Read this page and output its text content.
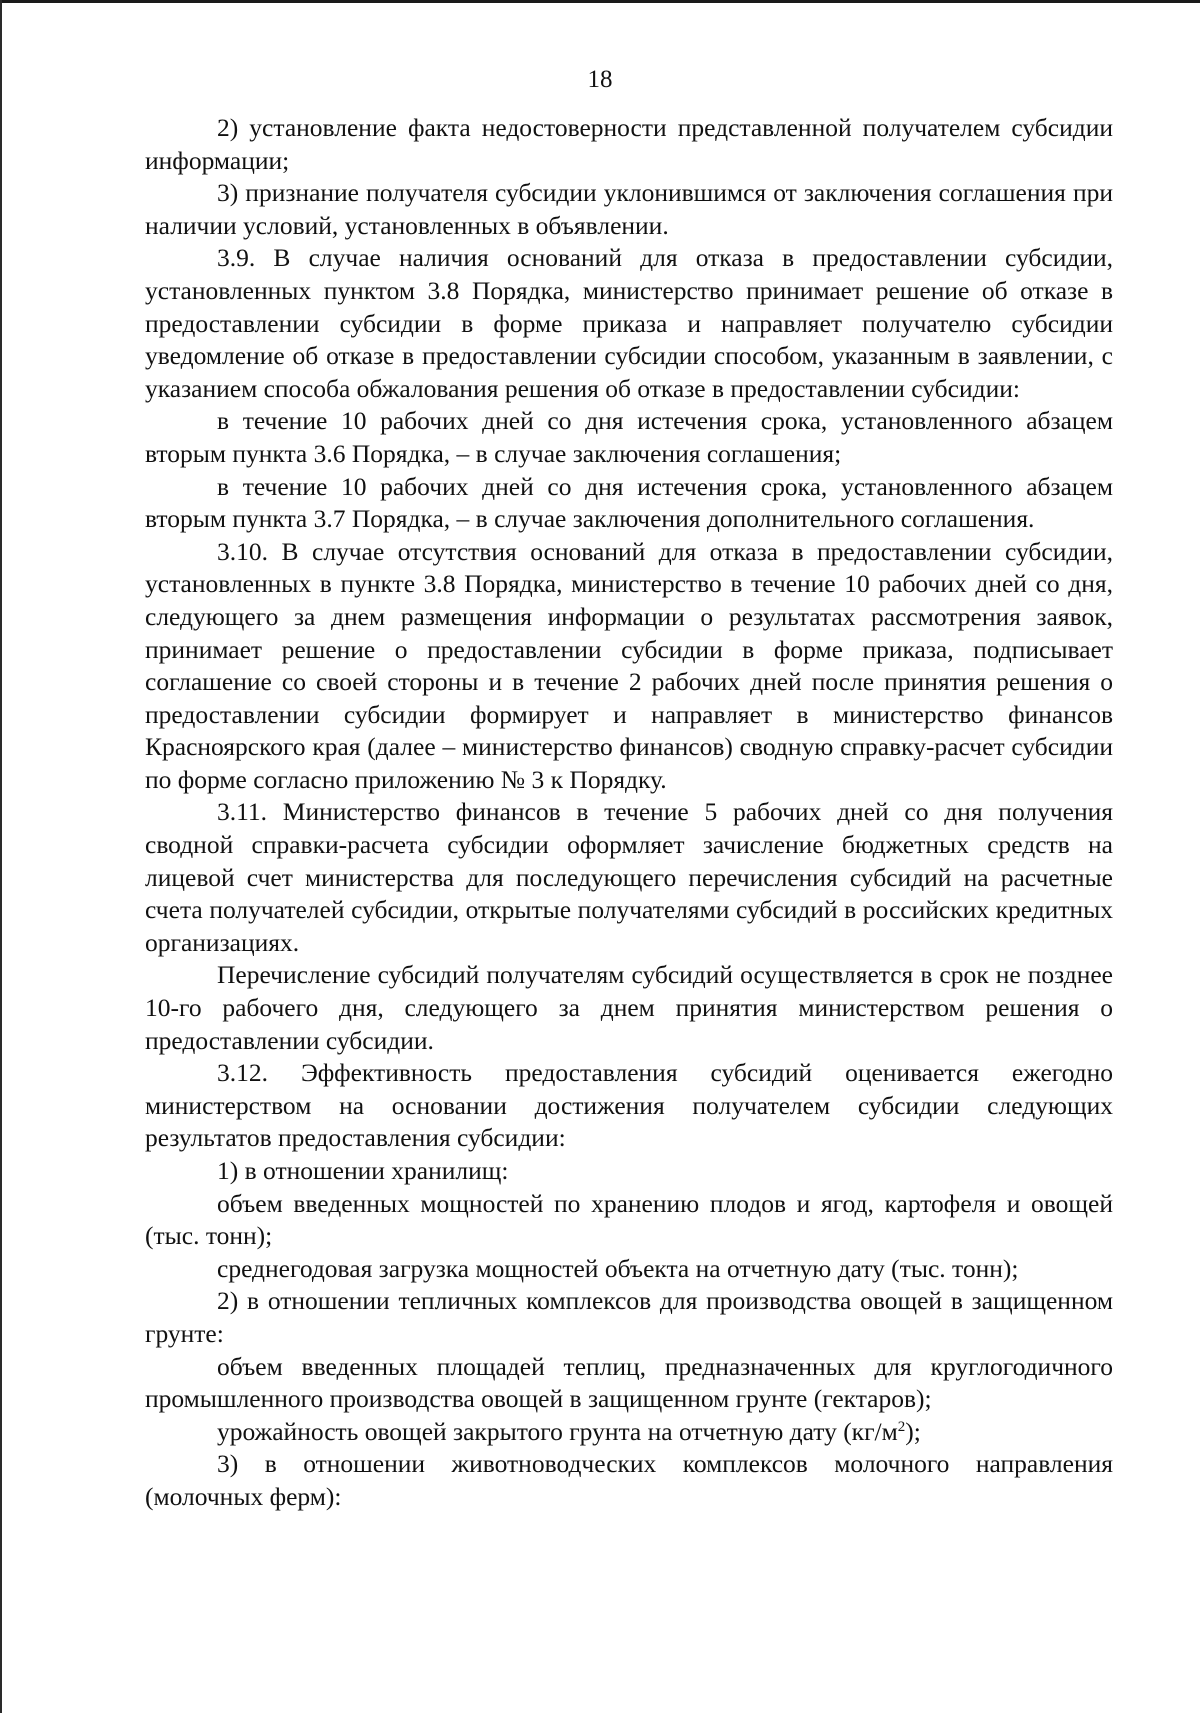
18

2) установление факта недостоверности представленной получателем субсидии информации;

3) признание получателя субсидии уклонившимся от заключения соглашения при наличии условий, установленных в объявлении.

3.9. В случае наличия оснований для отказа в предоставлении субсидии, установленных пунктом 3.8 Порядка, министерство принимает решение об отказе в предоставлении субсидии в форме приказа и направляет получателю субсидии уведомление об отказе в предоставлении субсидии способом, указанным в заявлении, с указанием способа обжалования решения об отказе в предоставлении субсидии:

в течение 10 рабочих дней со дня истечения срока, установленного абзацем вторым пункта 3.6 Порядка, – в случае заключения соглашения;

в течение 10 рабочих дней со дня истечения срока, установленного абзацем вторым пункта 3.7 Порядка, – в случае заключения дополнительного соглашения.

3.10. В случае отсутствия оснований для отказа в предоставлении субсидии, установленных в пункте 3.8 Порядка, министерство в течение 10 рабочих дней со дня, следующего за днем размещения информации о результатах рассмотрения заявок, принимает решение о предоставлении субсидии в форме приказа, подписывает соглашение со своей стороны и в течение 2 рабочих дней после принятия решения о предоставлении субсидии формирует и направляет в министерство финансов Красноярского края (далее – министерство финансов) сводную справку-расчет субсидии по форме согласно приложению № 3 к Порядку.

3.11. Министерство финансов в течение 5 рабочих дней со дня получения сводной справки-расчета субсидии оформляет зачисление бюджетных средств на лицевой счет министерства для последующего перечисления субсидий на расчетные счета получателей субсидии, открытые получателями субсидий в российских кредитных организациях.

Перечисление субсидий получателям субсидий осуществляется в срок не позднее 10-го рабочего дня, следующего за днем принятия министерством решения о предоставлении субсидии.

3.12. Эффективность предоставления субсидий оценивается ежегодно министерством на основании достижения получателем субсидии следующих результатов предоставления субсидии:

1) в отношении хранилищ:

объем введенных мощностей по хранению плодов и ягод, картофеля и овощей (тыс. тонн);

среднегодовая загрузка мощностей объекта на отчетную дату (тыс. тонн);

2) в отношении тепличных комплексов для производства овощей в защищенном грунте:

объем введенных площадей теплиц, предназначенных для круглогодичного промышленного производства овощей в защищенном грунте (гектаров);

урожайность овощей закрытого грунта на отчетную дату $(кг/м^2)$;

3) в отношении животноводческих комплексов молочного направления (молочных ферм):
